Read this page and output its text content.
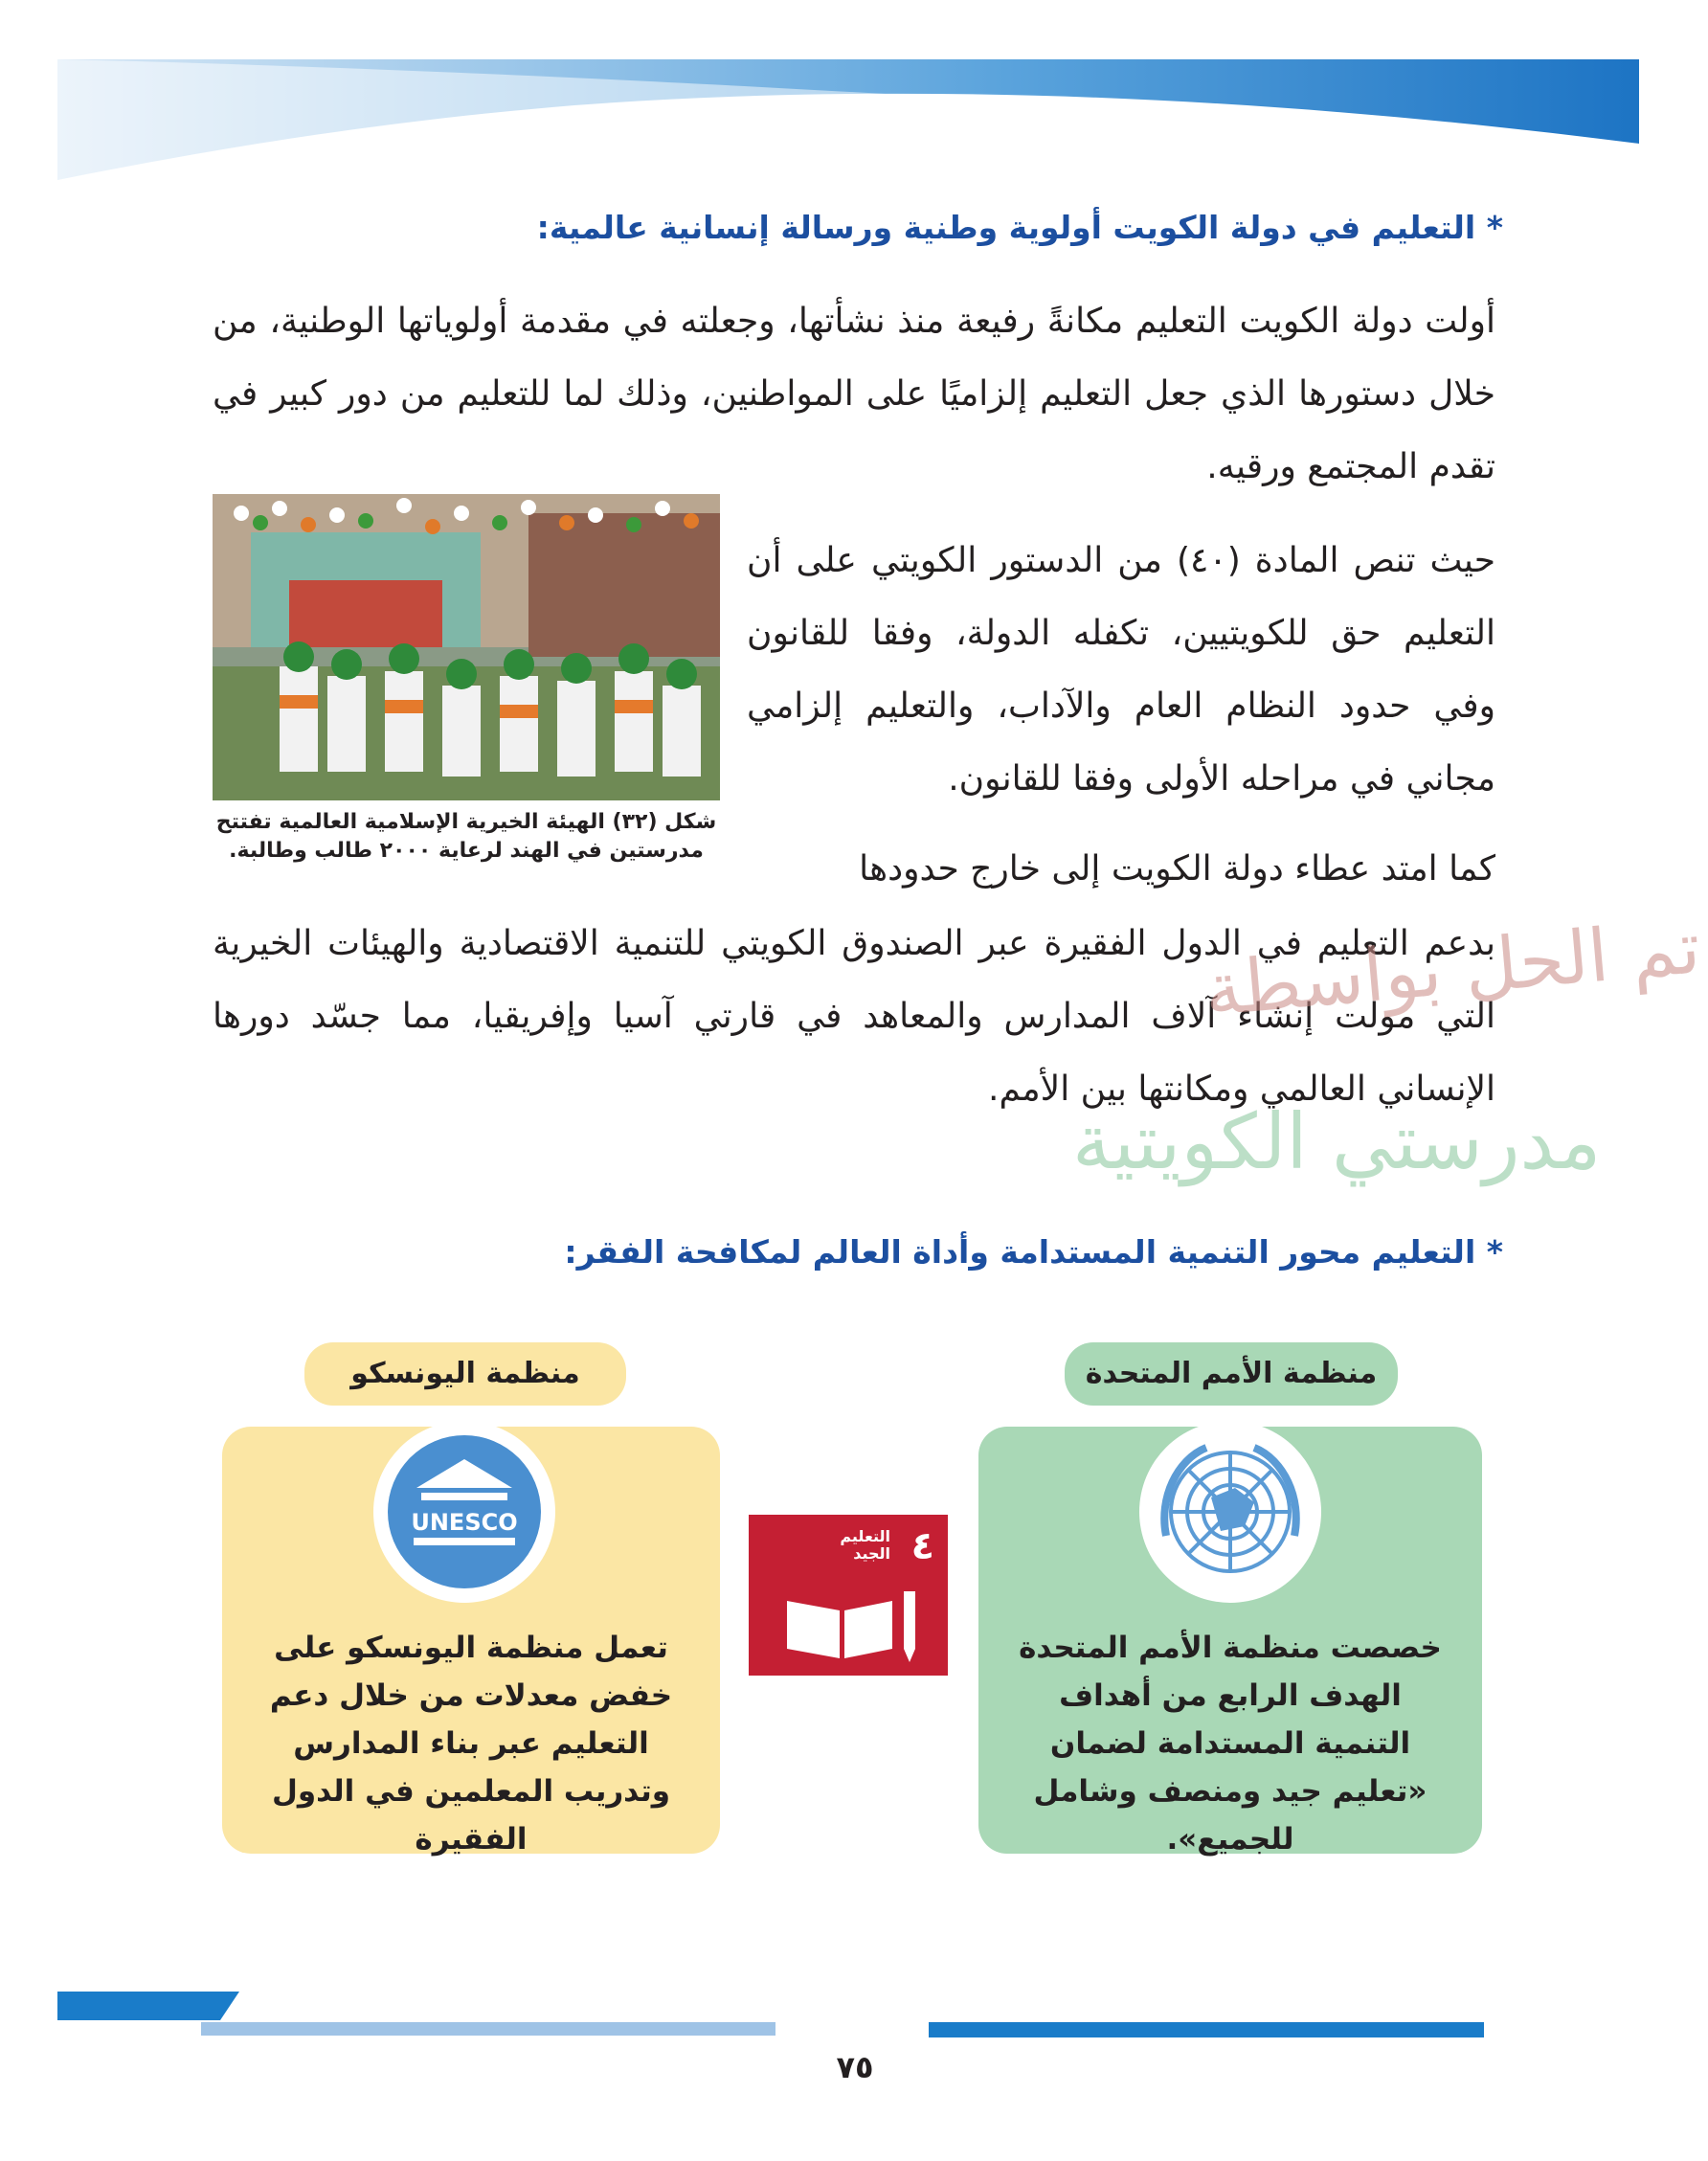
* التعليم في دولة الكويت أولوية وطنية ورسالة إنسانية عالمية:
أولت دولة الكويت التعليم مكانةً رفيعة منذ نشأتها، وجعلته في مقدمة أولوياتها الوطنية، من خلال دستورها الذي جعل التعليم إلزاميًا على المواطنين، وذلك لما للتعليم من دور كبير في تقدم المجتمع ورقيه.
حيث تنص المادة (٤٠) من الدستور الكويتي على أن التعليم حق للكويتيين، تكفله الدولة، وفقا للقانون وفي حدود النظام العام والآداب، والتعليم إلزامي مجاني في مراحله الأولى وفقا للقانون.
شكل (٣٢) الهيئة الخيرية الإسلامية العالمية تفتتح مدرستين في الهند لرعاية ٢٠٠٠ طالب وطالبة.	كما امتد عطاء دولة الكويت إلى خارج حدودها
بدعم التعليم في الدول الفقيرة عبر الصندوق الكويتي للتنمية الاقتصادية والهيئات الخيرية التي مولت إنشاء آلاف المدارس والمعاهد في قارتي آسيا وإفريقيا، مما جسّد دورها الإنساني العالمي ومكانتها بين الأمم.
تم الحل بواسطة
مدرستي الكويتية
* التعليم محور التنمية المستدامة وأداة العالم لمكافحة الفقر:
منظمة الأمم المتحدة
منظمة اليونسكو
خصصت منظمة الأمم المتحدة الهدف الرابع من أهداف التنمية المستدامة لضمان «تعليم جيد ومنصف وشامل للجميع».
UNESCO
تعمل منظمة اليونسكو على خفض معدلات من خلال دعم التعليم عبر بناء المدارس وتدريب المعلمين في الدول الفقيرة
٤
التعليم الجيد
٧٥
